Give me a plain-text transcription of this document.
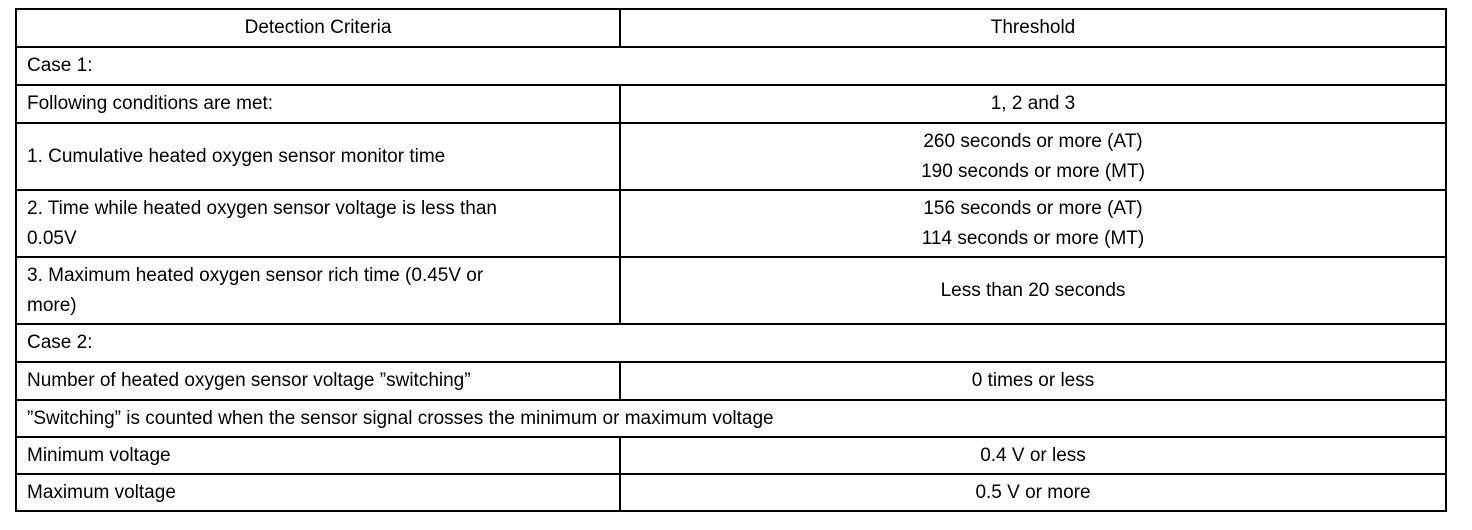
Detection Criteria	Threshold
Case 1:	

Following conditions are met:	1, 2 and 3

1. Cumulative heated oxygen sensor monitor time	260 seconds or more (AT)
190 seconds or more (MT)

2. Time while heated oxygen sensor voltage is less than
0.05V	156 seconds or more (AT)
114 seconds or more (MT)

3. Maximum heated oxygen sensor rich time (0.45V or
more)	Less than 20 seconds

Case 2:	
Number of heated oxygen sensor voltage ”switching”	0 times or less
”Switching” is counted when the sensor signal crosses the minimum or maximum voltage	
Minimum voltage	0.4 V or less
Maximum voltage	0.5 V or more
